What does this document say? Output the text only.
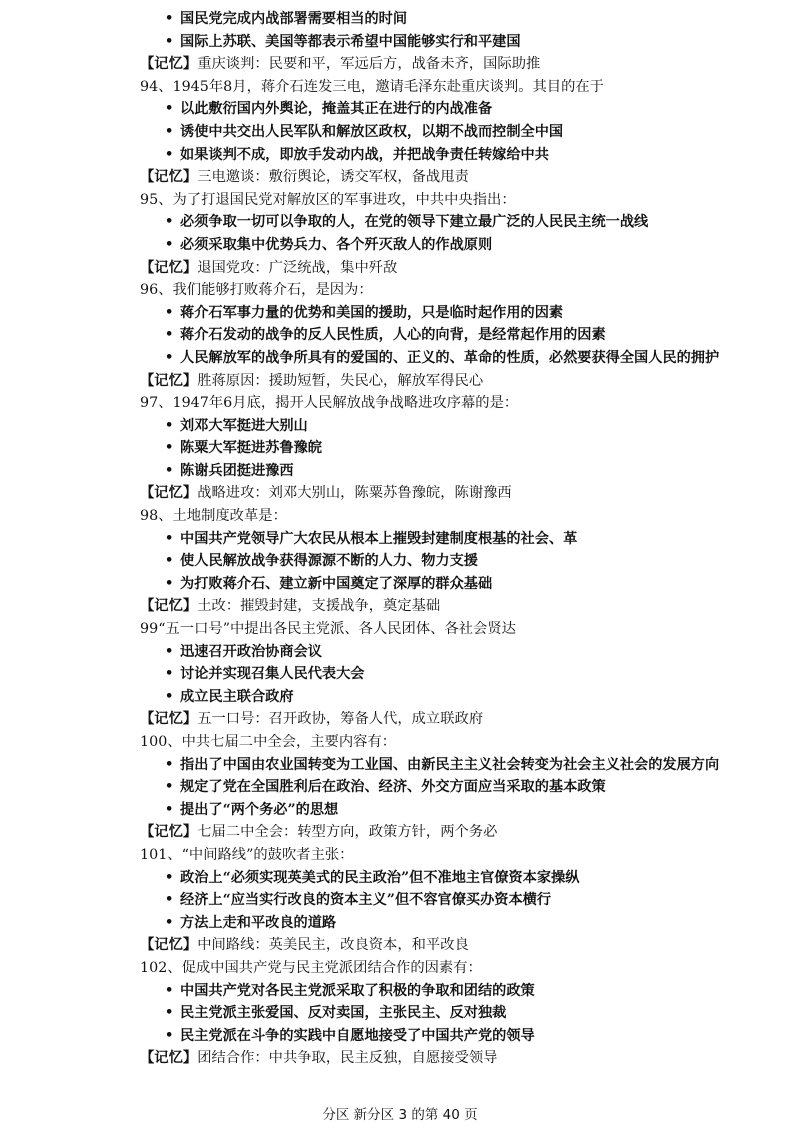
• 国民党完成内战部署需要相当的时间
• 国际上苏联、美国等都表示希望中国能够实行和平建国
【记忆】重庆谈判：民要和平，军远后方，战备未齐，国际助推
94、1945年8月，蒋介石连发三电，邀请毛泽东赴重庆谈判。其目的在于
• 以此敷衍国内外舆论，掩盖其正在进行的内战准备
• 诱使中共交出人民军队和解放区政权，以期不战而控制全中国
• 如果谈判不成，即放手发动内战，并把战争责任转嫁给中共
【记忆】三电邀谈：敷衍舆论，诱交军权，备战甩责
95、为了打退国民党对解放区的军事进攻，中共中央指出：
• 必须争取一切可以争取的人，在党的领导下建立最广泛的人民民主统一战线
• 必须采取集中优势兵力、各个歼灭敌人的作战原则
【记忆】退国党攻：广泛统战，集中歼敌
96、我们能够打败蒋介石，是因为：
• 蒋介石军事力量的优势和美国的援助，只是临时起作用的因素
• 蒋介石发动的战争的反人民性质，人心的向背，是经常起作用的因素
• 人民解放军的战争所具有的爱国的、正义的、革命的性质，必然要获得全国人民的拥护
【记忆】胜蒋原因：援助短暂，失民心，解放军得民心
97、1947年6月底，揭开人民解放战争战略进攻序幕的是：
• 刘邓大军挺进大别山
• 陈粟大军挺进苏鲁豫皖
• 陈谢兵团挺进豫西
【记忆】战略进攻：刘邓大别山，陈粟苏鲁豫皖，陈谢豫西
98、土地制度改革是：
• 中国共产党领导广大农民从根本上摧毁封建制度根基的社会、革
• 使人民解放战争获得源源不断的人力、物力支援
• 为打败蒋介石、建立新中国奠定了深厚的群众基础
【记忆】土改：摧毁封建，支援战争，奠定基础
99“五一口号”中提出各民主党派、各人民团体、各社会贤达
• 迅速召开政治协商会议
• 讨论并实现召集人民代表大会
• 成立民主联合政府
【记忆】五一口号：召开政协，筹备人代，成立联政府
100、中共七届二中全会，主要内容有：
• 指出了中国由农业国转变为工业国、由新民主主义社会转变为社会主义社会的发展方向
• 规定了党在全国胜利后在政治、经济、外交方面应当采取的基本政策
• 提出了“两个务必”的思想
【记忆】七届二中全会：转型方向，政策方针，两个务必
101、“中间路线”的鼓吹者主张：
• 政治上“必须实现英美式的民主政治”但不准地主官僚资本家操纵
• 经济上“应当实行改良的资本主义”但不容官僚买办资本横行
• 方法上走和平改良的道路
【记忆】中间路线：英美民主，改良资本，和平改良
102、促成中国共产党与民主党派团结合作的因素有：
• 中国共产党对各民主党派采取了积极的争取和团结的政策
• 民主党派主张爱国、反对卖国，主张民主、反对独裁
• 民主党派在斗争的实践中自愿地接受了中国共产党的领导
【记忆】团结合作：中共争取，民主反独，自愿接受领导
分区 新分区 3 的第 40 页
